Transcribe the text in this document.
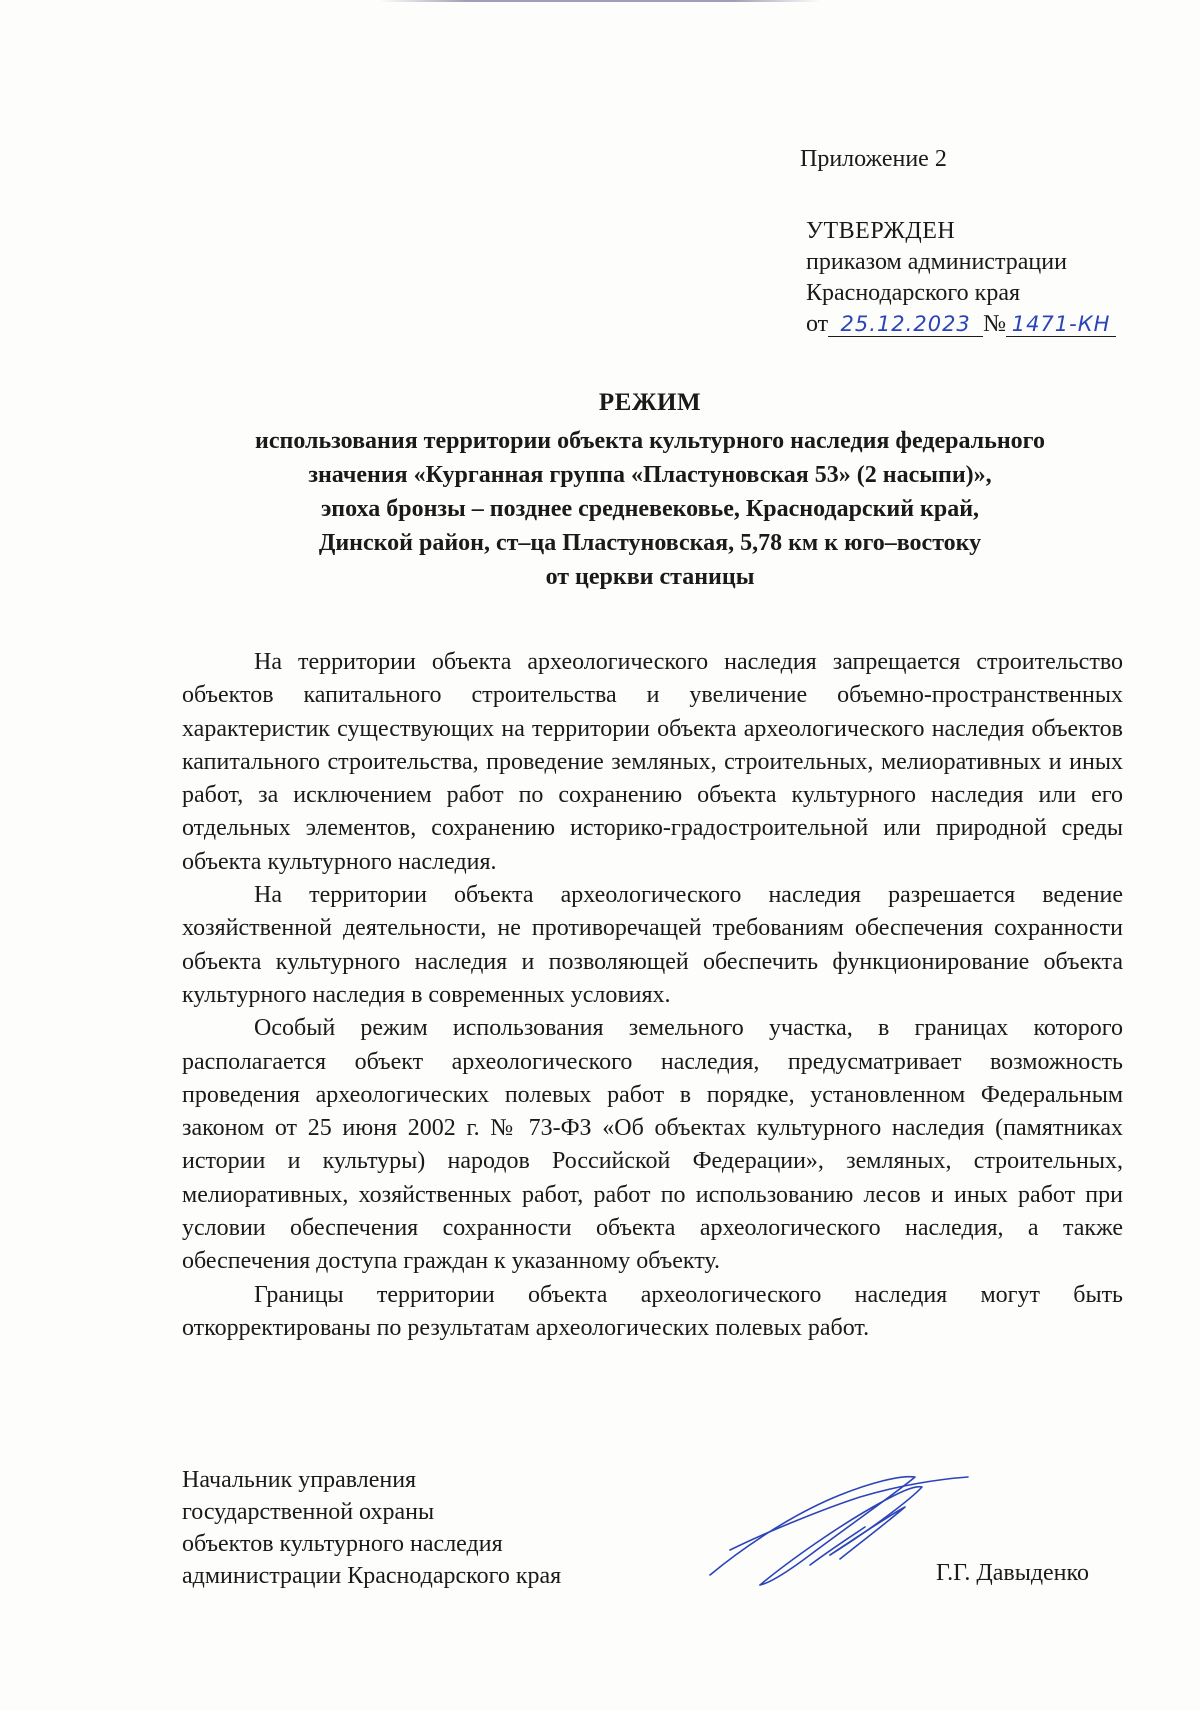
Приложение 2
УТВЕРЖДЕН
приказом администрации
Краснодарского края
от 25.12.2023 № 1471-КН
РЕЖИМ
использования территории объекта культурного наследия федерального
значения «Курганная группа «Пластуновская 53» (2 насыпи)»,
эпоха бронзы – позднее средневековье, Краснодарский край,
Динской район, ст–ца Пластуновская, 5,78 км к юго–востоку
от церкви станицы

На территории объекта археологического наследия запрещается строительство объектов капитального строительства и увеличение объемно-пространственных характеристик существующих на территории объекта археологического наследия объектов капитального строительства, проведение земляных, строительных, мелиоративных и иных работ, за исключением работ по сохранению объекта культурного наследия или его отдельных элементов, сохранению историко-градостроительной или природной среды объекта культурного наследия.

На территории объекта археологического наследия разрешается ведение хозяйственной деятельности, не противоречащей требованиям обеспечения сохранности объекта культурного наследия и позволяющей обеспечить функционирование объекта культурного наследия в современных условиях.

Особый режим использования земельного участка, в границах которого располагается объект археологического наследия, предусматривает возможность проведения археологических полевых работ в порядке, установленном Федеральным законом от 25 июня 2002 г. № 73-ФЗ «Об объектах культурного наследия (памятниках истории и культуры) народов Российской Федерации», земляных, строительных, мелиоративных, хозяйственных работ, работ по использованию лесов и иных работ при условии обеспечения сохранности объекта археологического наследия, а также обеспечения доступа граждан к указанному объекту.

Границы территории объекта археологического наследия могут быть откорректированы по результатам археологических полевых работ.

Начальник управления
государственной охраны
объектов культурного наследия
администрации Краснодарского края	Г.Г. Давыденко
